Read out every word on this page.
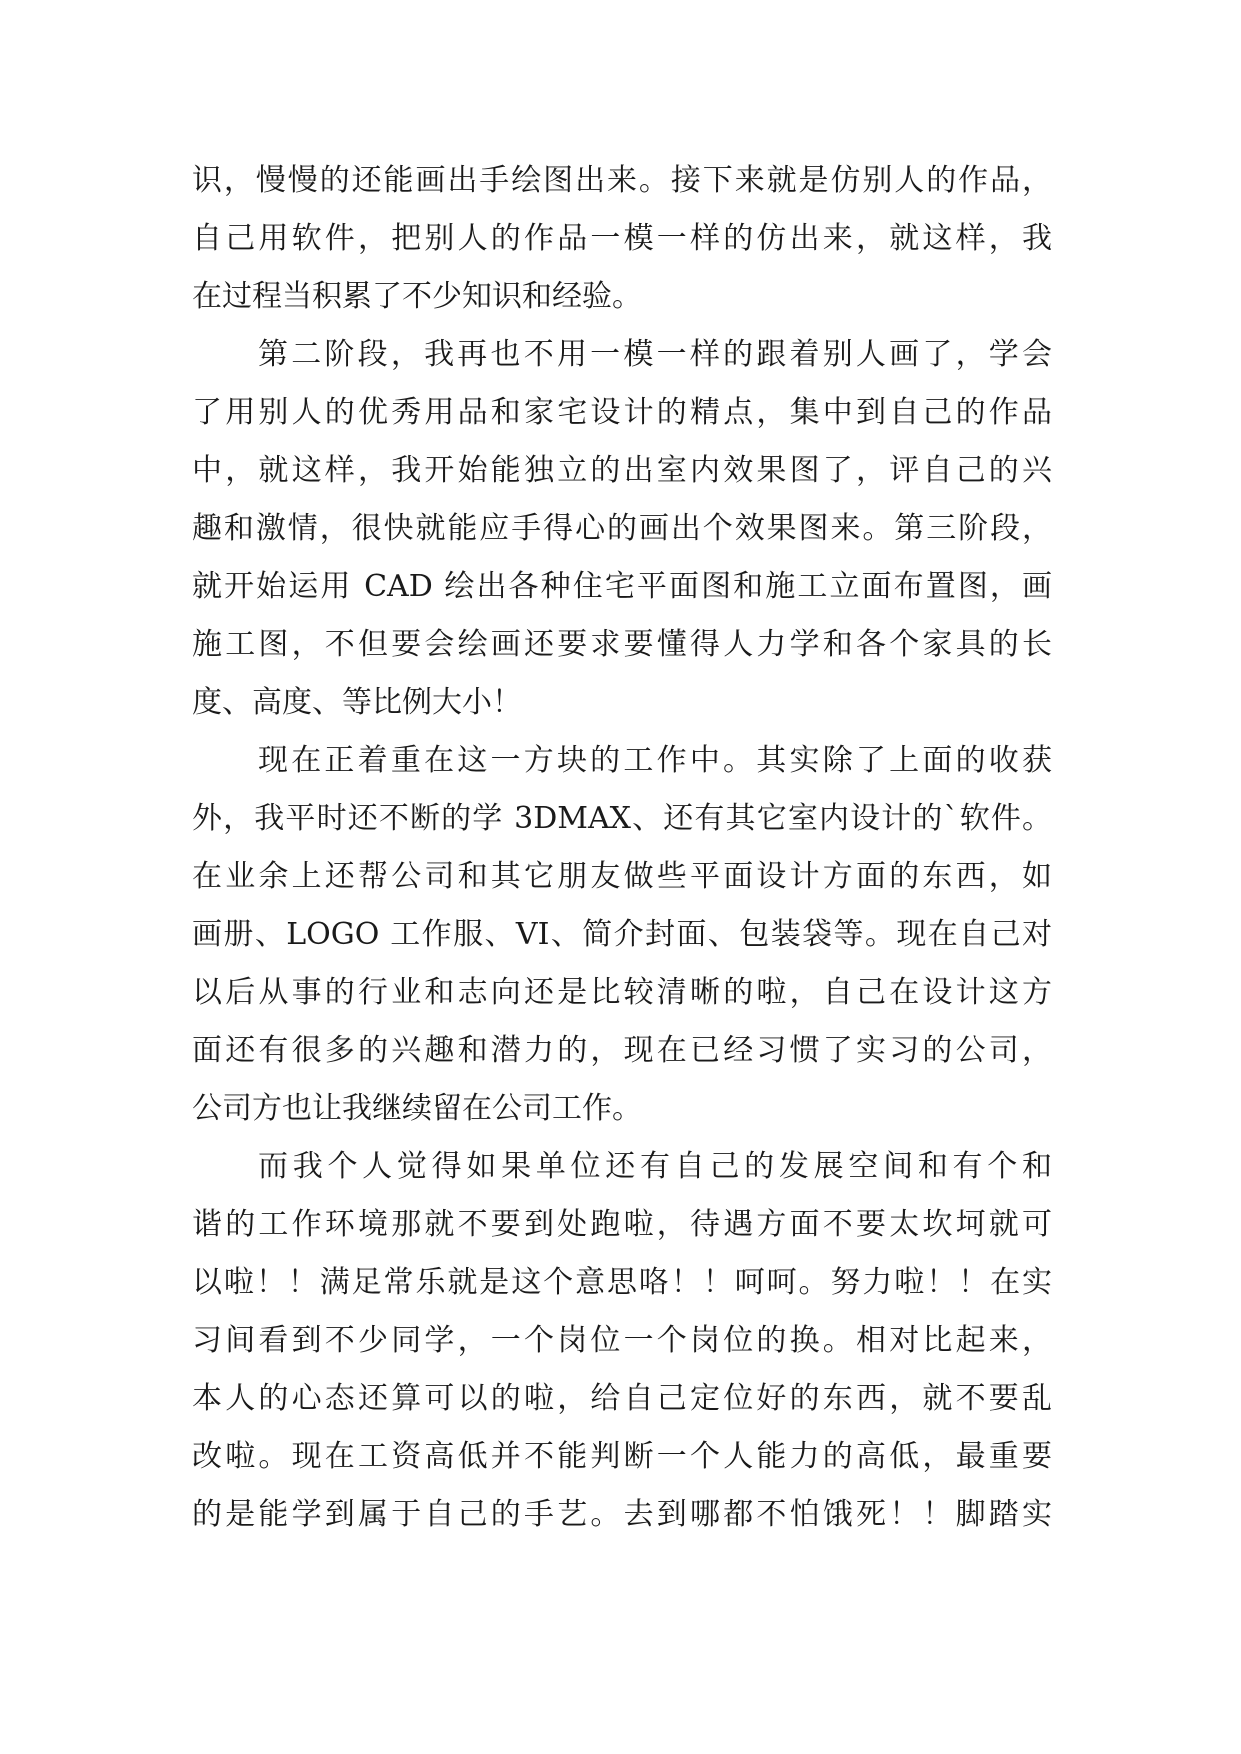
识，慢慢的还能画出手绘图出来。接下来就是仿别人的作品，
自己用软件，把别人的作品一模一样的仿出来，就这样，我
在过程当积累了不少知识和经验。
第二阶段，我再也不用一模一样的跟着别人画了，学会
了用别人的优秀用品和家宅设计的精点，集中到自己的作品
中，就这样，我开始能独立的出室内效果图了，评自己的兴
趣和激情，很快就能应手得心的画出个效果图来。第三阶段，
就开始运用 CAD 绘出各种住宅平面图和施工立面布置图，画
施工图，不但要会绘画还要求要懂得人力学和各个家具的长
度、高度、等比例大小！
现在正着重在这一方块的工作中。其实除了上面的收获
外，我平时还不断的学 3DMAX、还有其它室内设计的`软件。
在业余上还帮公司和其它朋友做些平面设计方面的东西，如
画册、LOGO 工作服、VI、简介封面、包装袋等。现在自己对
以后从事的行业和志向还是比较清晰的啦，自己在设计这方
面还有很多的兴趣和潜力的，现在已经习惯了实习的公司，
公司方也让我继续留在公司工作。
而我个人觉得如果单位还有自己的发展空间和有个和
谐的工作环境那就不要到处跑啦，待遇方面不要太坎坷就可
以啦！！满足常乐就是这个意思咯！！呵呵。努力啦！！在实
习间看到不少同学，一个岗位一个岗位的换。相对比起来，
本人的心态还算可以的啦，给自己定位好的东西，就不要乱
改啦。现在工资高低并不能判断一个人能力的高低，最重要
的是能学到属于自己的手艺。去到哪都不怕饿死！！脚踏实
